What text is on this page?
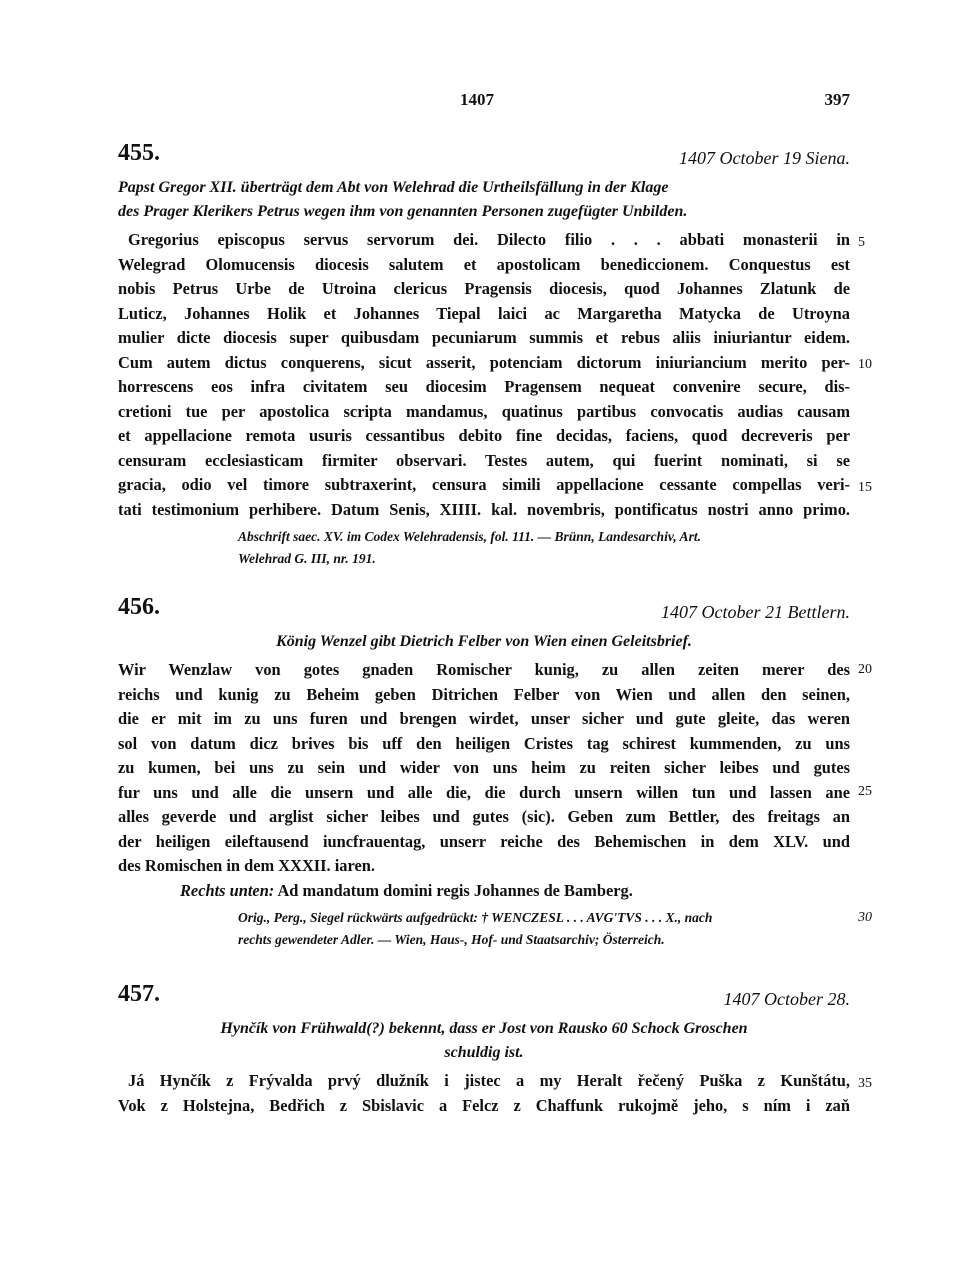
1407	397
455.	1407 October 19 Siena.
Papst Gregor XII. überträgt dem Abt von Welehrad die Urtheilsfällung in der Klage
des Prager Klerikers Petrus wegen ihm von genannten Personen zugefügter Unbilden.
Gregorius episcopus servus servorum dei. Dilecto filio . . . abbati monasterii in
Welegrad Olomucensis diocesis salutem et apostolicam benediccionem. Conquestus est
nobis Petrus Urbe de Utroina clericus Pragensis diocesis, quod Johannes Zlatunk de
Luticz, Johannes Holik et Johannes Tiepal laici ac Margaretha Matycka de Utroyna
mulier dicte diocesis super quibusdam pecuniarum summis et rebus aliis iniuriantur eidem.
Cum autem dictus conquerens, sicut asserit, potenciam dictorum iniuriancium merito per-
horrescens eos infra civitatem seu diocesim Pragensem nequeat convenire secure, dis-
cretioni tue per apostolica scripta mandamus, quatinus partibus convocatis audias causam
et appellacione remota usuris cessantibus debito fine decidas, faciens, quod decreveris per
censuram ecclesiasticam firmiter observari. Testes autem, qui fuerint nominati, si se
gracia, odio vel timore subtraxerint, censura simili appellacione cessante compellas veri-
tati testimonium perhibere. Datum Senis, XIIII. kal. novembris, pontificatus nostri anno primo.
5
10
15
Abschrift saec. XV. im Codex Welehradensis, fol. 111. — Brünn, Landesarchiv, Art.
Welehrad G. III, nr. 191.
456.	1407 October 21 Bettlern.
König Wenzel gibt Dietrich Felber von Wien einen Geleitsbrief.
Wir Wenzlaw von gotes gnaden Romischer kunig, zu allen zeiten merer des
reichs und kunig zu Beheim geben Ditrichen Felber von Wien und allen den seinen,
die er mit im zu uns furen und brengen wirdet, unser sicher und gute gleite, das weren
sol von datum dicz brives bis uff den heiligen Cristes tag schirest kummenden, zu uns
zu kumen, bei uns zu sein und wider von uns heim zu reiten sicher leibes und gutes
fur uns und alle die unsern und alle die, die durch unsern willen tun und lassen ane
alles geverde und arglist sicher leibes und gutes (sic). Geben zum Bettler, des freitags an
der heiligen eileftausend iuncfrauentag, unserr reiche des Behemischen in dem XLV. und
des Romischen in dem XXXII. iaren.
20
25
Rechts unten: Ad mandatum domini regis Johannes de Bamberg.
Orig., Perg., Siegel rückwärts aufgedrückt: † WENCZESL . . . AVG'TVS . . . X., nach
rechts gewendeter Adler. — Wien, Haus-, Hof- und Staatsarchiv; Österreich.
30
457.	1407 October 28.
Hynčík von Frühwald(?) bekennt, dass er Jost von Rausko 60 Schock Groschen
schuldig ist.
Já Hynčík z Frývalda prvý dlužník i jistec a my Heralt řečený Puška z Kunštátu,
Vok z Holstejna, Bedřich z Sbislavic a Felcz z Chaffunk rukojmě jeho, s ním i zaň
35
